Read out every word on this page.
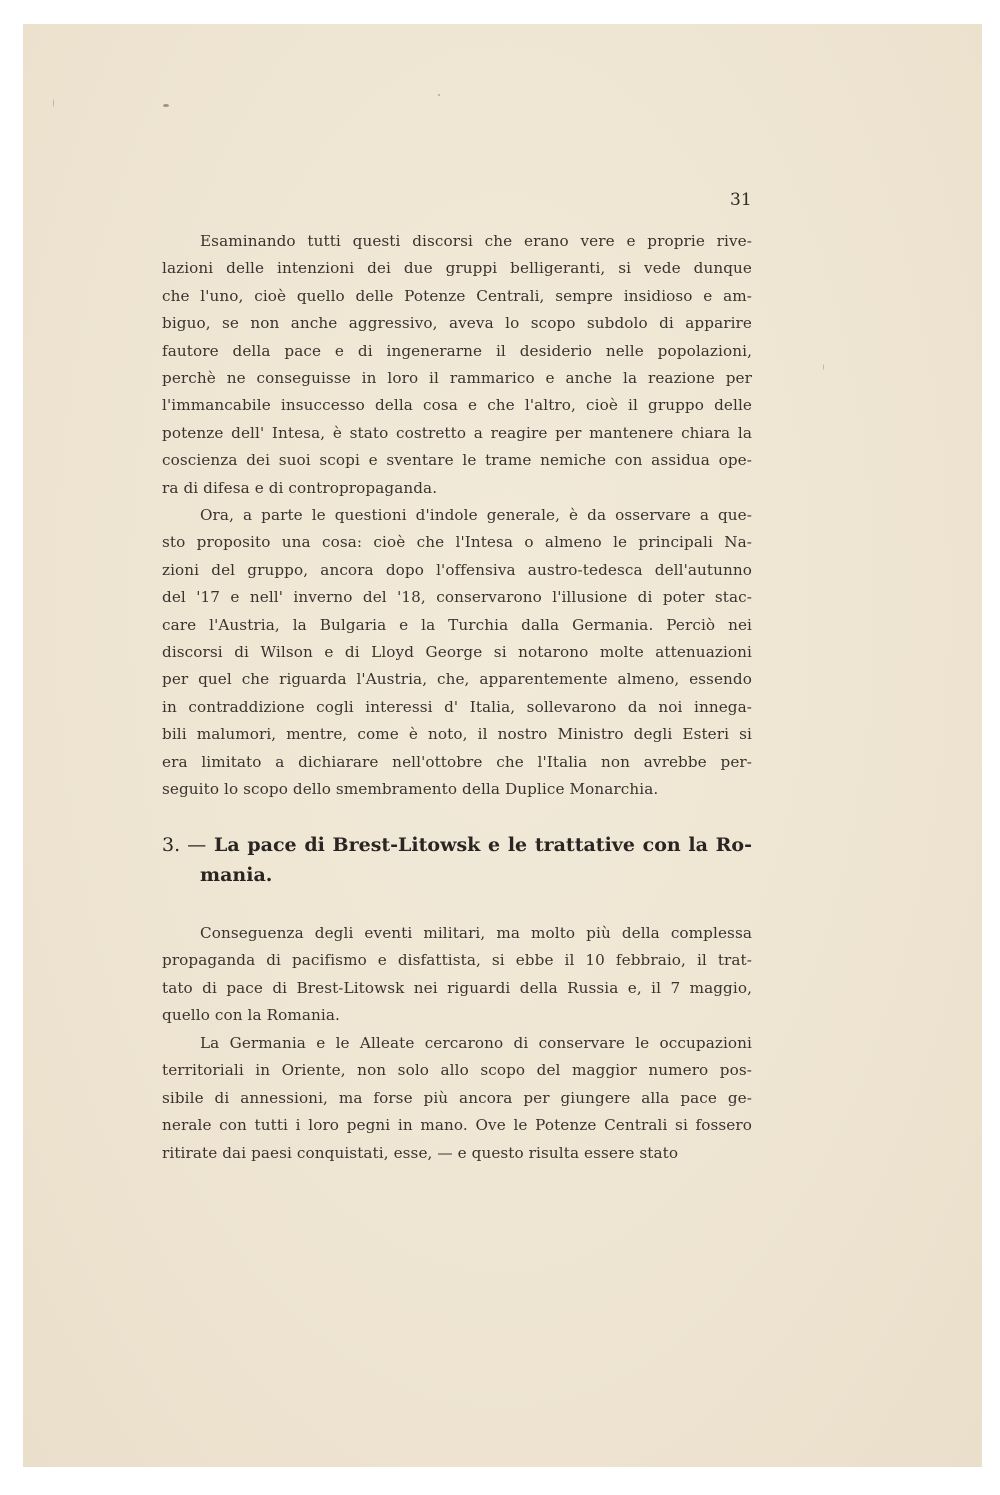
31
Esaminando tutti questi discorsi che erano vere e proprie rive-
lazioni delle intenzioni dei due gruppi belligeranti, si vede dunque
che l'uno, cioè quello delle Potenze Centrali, sempre insidioso e am-
biguo, se non anche aggressivo, aveva lo scopo subdolo di apparire
fautore della pace e di ingenerarne il desiderio nelle popolazioni,
perchè ne conseguisse in loro il rammarico e anche la reazione per
l'immancabile insuccesso della cosa e che l'altro, cioè il gruppo delle
potenze dell' Intesa, è stato costretto a reagire per mantenere chiara la
coscienza dei suoi scopi e sventare le trame nemiche con assidua ope-
ra di difesa e di contropropaganda.
Ora, a parte le questioni d'indole generale, è da osservare a que-
sto proposito una cosa: cioè che l'Intesa o almeno le principali Na-
zioni del gruppo, ancora dopo l'offensiva austro-tedesca dell'autunno
del '17 e nell' inverno del '18, conservarono l'illusione di poter stac-
care l'Austria, la Bulgaria e la Turchia dalla Germania. Perciò nei
discorsi di Wilson e di Lloyd George si notarono molte attenuazioni
per quel che riguarda l'Austria, che, apparentemente almeno, essendo
in contraddizione cogli interessi d' Italia, sollevarono da noi innega-
bili malumori, mentre, come è noto, il nostro Ministro degli Esteri si
era limitato a dichiarare nell'ottobre che l'Italia non avrebbe per-
seguito lo scopo dello smembramento della Duplice Monarchia.
3. — La pace di Brest-Litowsk e le trattative con la Ro-
mania.
Conseguenza degli eventi militari, ma molto più della complessa
propaganda di pacifismo e disfattista, si ebbe il 10 febbraio, il trat-
tato di pace di Brest-Litowsk nei riguardi della Russia e, il 7 maggio,
quello con la Romania.
La Germania e le Alleate cercarono di conservare le occupazioni
territoriali in Oriente, non solo allo scopo del maggior numero pos-
sibile di annessioni, ma forse più ancora per giungere alla pace ge-
nerale con tutti i loro pegni in mano. Ove le Potenze Centrali si fossero
ritirate dai paesi conquistati, esse, — e questo risulta essere stato
